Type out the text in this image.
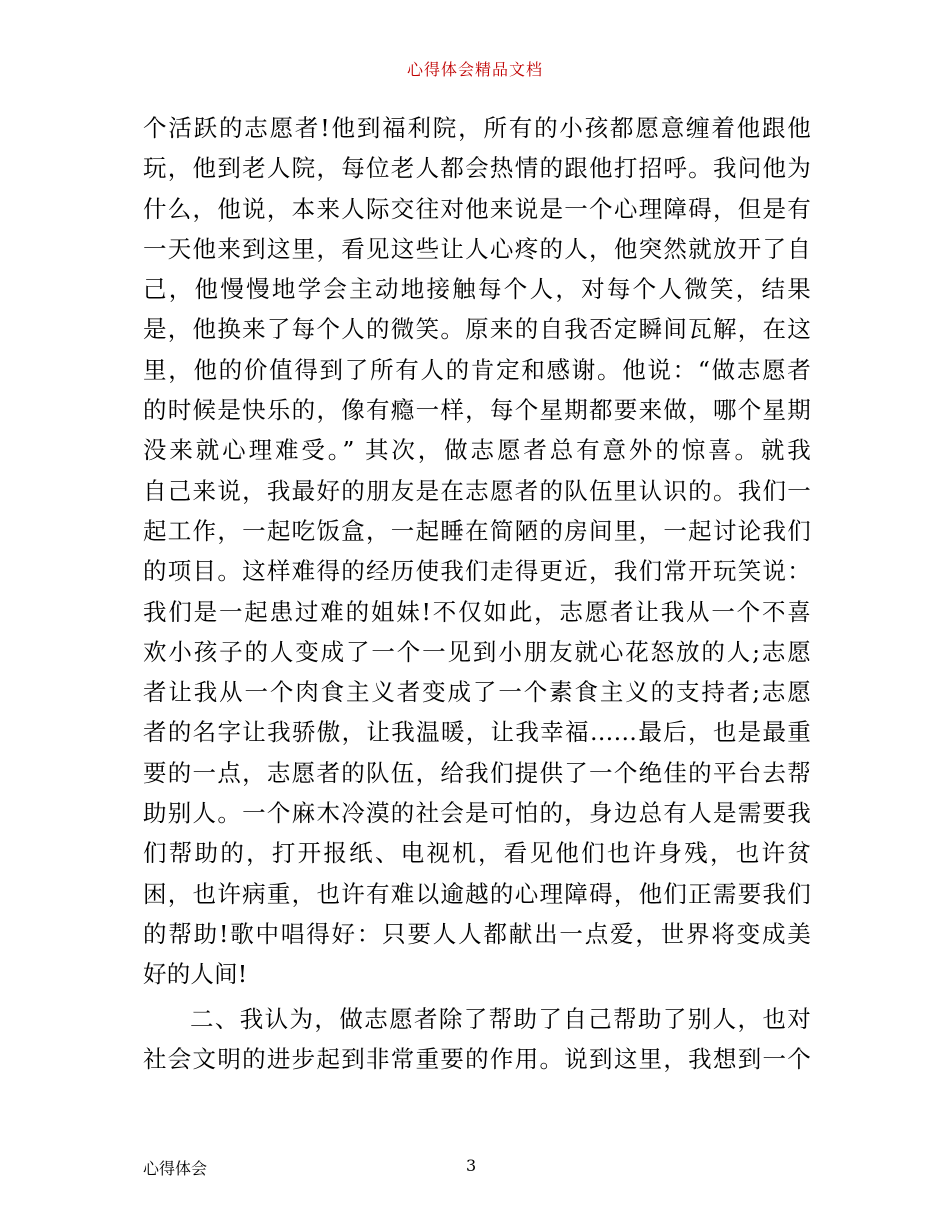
心得体会精品文档
个活跃的志愿者!他到福利院，所有的小孩都愿意缠着他跟他
玩，他到老人院，每位老人都会热情的跟他打招呼。我问他为
什么，他说，本来人际交往对他来说是一个心理障碍，但是有
一天他来到这里，看见这些让人心疼的人，他突然就放开了自
己，他慢慢地学会主动地接触每个人，对每个人微笑，结果
是，他换来了每个人的微笑。原来的自我否定瞬间瓦解，在这
里，他的价值得到了所有人的肯定和感谢。他说：“做志愿者
的时候是快乐的，像有瘾一样，每个星期都要来做，哪个星期
没来就心理难受。” 其次，做志愿者总有意外的惊喜。就我
自己来说，我最好的朋友是在志愿者的队伍里认识的。我们一
起工作，一起吃饭盒，一起睡在简陋的房间里，一起讨论我们
的项目。这样难得的经历使我们走得更近，我们常开玩笑说：
我们是一起患过难的姐妹!不仅如此，志愿者让我从一个不喜
欢小孩子的人变成了一个一见到小朋友就心花怒放的人;志愿
者让我从一个肉食主义者变成了一个素食主义的支持者;志愿
者的名字让我骄傲，让我温暖，让我幸福……最后，也是最重
要的一点，志愿者的队伍，给我们提供了一个绝佳的平台去帮
助别人。一个麻木冷漠的社会是可怕的，身边总有人是需要我
们帮助的，打开报纸、电视机，看见他们也许身残，也许贫
困，也许病重，也许有难以逾越的心理障碍，他们正需要我们
的帮助!歌中唱得好：只要人人都献出一点爱，世界将变成美
好的人间!
二、我认为，做志愿者除了帮助了自己帮助了别人，也对
社会文明的进步起到非常重要的作用。说到这里，我想到一个
心得体会	3
